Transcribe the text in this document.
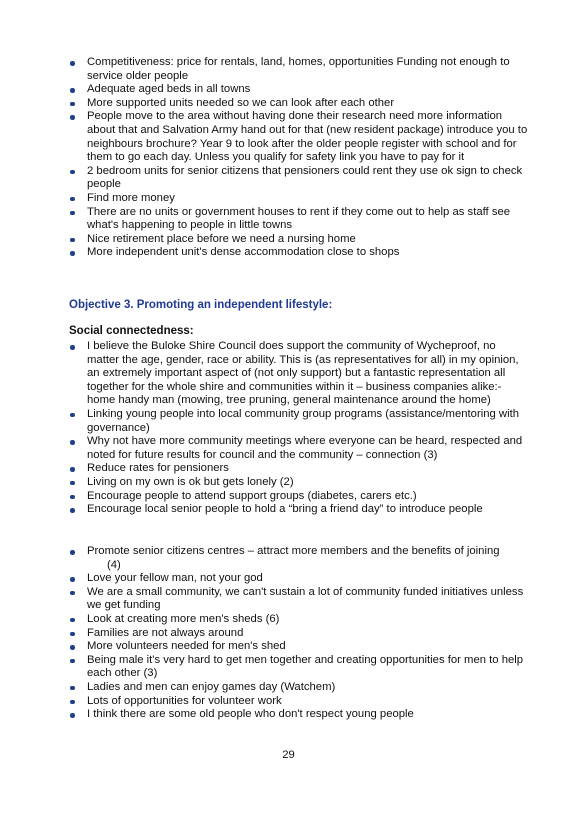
Competitiveness: price for rentals, land, homes, opportunities Funding not enough to service older people
Adequate aged beds in all towns
More supported units needed so we can look after each other
People move to the area without having done their research need more information about that and Salvation Army hand out for that (new resident package) introduce you to neighbours brochure? Year 9 to look after the older people register with school and for them to go each day. Unless you qualify for safety link you have to pay for it
2 bedroom units for senior citizens that pensioners could rent they use ok sign to check people
Find more money
There are no units or government houses to rent if they come out to help as staff see what's happening to people in little towns
Nice retirement place before we need a nursing home
More independent unit's dense accommodation close to shops
Objective 3. Promoting an independent lifestyle:
Social connectedness:
I believe the Buloke Shire Council does support the community of Wycheproof, no matter the age, gender, race or ability. This is (as representatives for all) in my opinion, an extremely important aspect of (not only support) but a fantastic representation all together for the whole shire and communities within it – business companies alike:- home handy man (mowing, tree pruning, general maintenance around the home)
Linking young people into local community group programs (assistance/mentoring with governance)
Why not have more community meetings where everyone can be heard, respected and noted for future results for council and the community – connection (3)
Reduce rates for pensioners
Living on my own is ok but gets lonely (2)
Encourage people to attend support groups (diabetes, carers etc.)
Encourage local senior people to hold a “bring a friend day” to introduce people
Promote senior citizens centres – attract more members and the benefits of joining
(4)
Love your fellow man, not your god
We are a small community, we can't sustain a lot of community funded initiatives unless we get funding
Look at creating more men's sheds (6)
Families are not always around
More volunteers needed for men's shed
Being male it's very hard to get men together and creating opportunities for men to help each other (3)
Ladies and men can enjoy games day (Watchem)
Lots of opportunities for volunteer work
I think there are some old people who don't respect young people
29
